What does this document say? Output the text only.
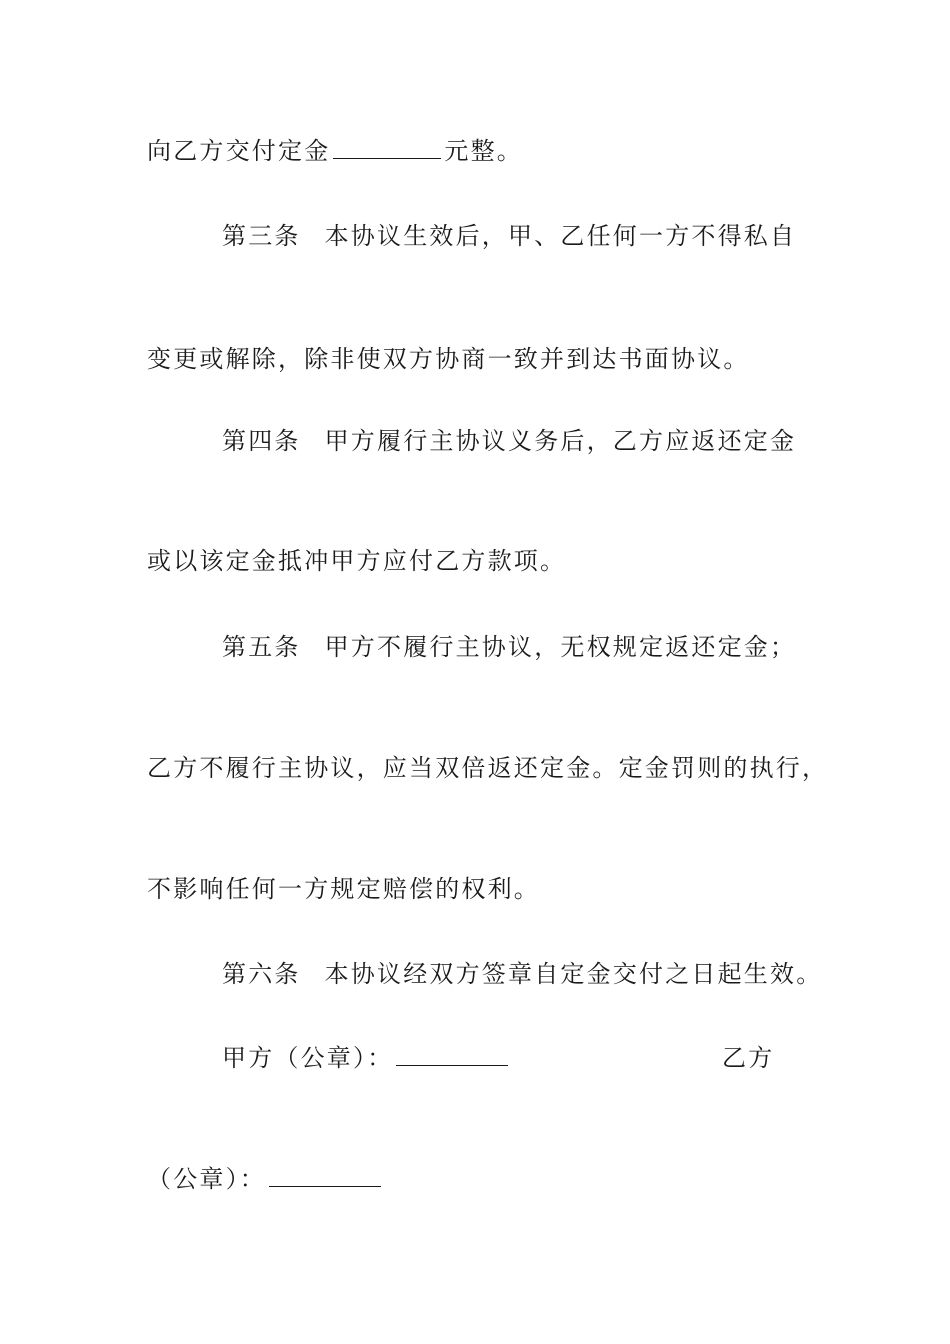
向乙方交付定金	元整。
第三条 本协议生效后，甲、乙任何一方不得私自
变更或解除，除非使双方协商一致并到达书面协议。
第四条 甲方履行主协议义务后，乙方应返还定金
或以该定金抵冲甲方应付乙方款项。
第五条 甲方不履行主协议，无权规定返还定金；
乙方不履行主协议，应当双倍返还定金。定金罚则的执行，
不影响任何一方规定赔偿的权利。
第六条 本协议经双方签章自定金交付之日起生效。
甲方（公章）：	乙方
（公章）：
